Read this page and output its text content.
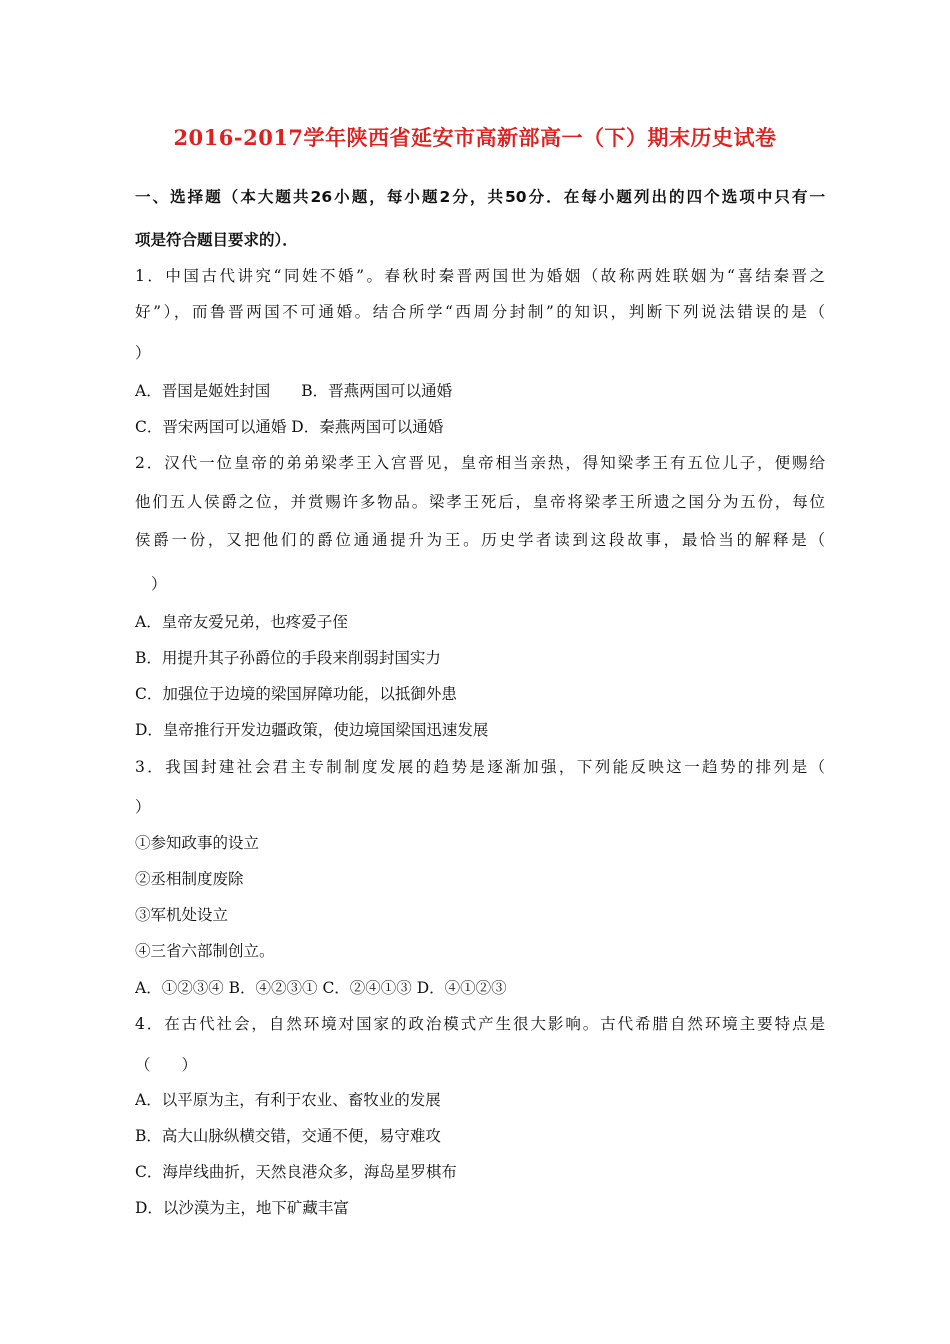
2016-2017学年陕西省延安市高新部高一（下）期末历史试卷
一、选择题（本大题共26小题，每小题2分，共50分．在每小题列出的四个选项中只有一
项是符合题目要求的）．
1．中国古代讲究“同姓不婚”。春秋时秦晋两国世为婚姻（故称两姓联姻为“喜结秦晋之
好”），而鲁晋两国不可通婚。结合所学“西周分封制”的知识，判断下列说法错误的是（
）
A．晋国是姬姓封国　　B．晋燕两国可以通婚
C．晋宋两国可以通婚 D．秦燕两国可以通婚
2．汉代一位皇帝的弟弟梁孝王入宫晋见，皇帝相当亲热，得知梁孝王有五位儿子，便赐给
他们五人侯爵之位，并赏赐许多物品。梁孝王死后，皇帝将梁孝王所遗之国分为五份，每位
侯爵一份，又把他们的爵位通通提升为王。历史学者读到这段故事，最恰当的解释是（
）
A．皇帝友爱兄弟，也疼爱子侄
B．用提升其子孙爵位的手段来削弱封国实力
C．加强位于边境的梁国屏障功能，以抵御外患
D．皇帝推行开发边疆政策，使边境国梁国迅速发展
3．我国封建社会君主专制制度发展的趋势是逐渐加强，下列能反映这一趋势的排列是（
）
①参知政事的设立
②丞相制度废除
③军机处设立
④三省六部制创立。
A．①②③④ B．④②③① C．②④①③ D．④①②③
4．在古代社会，自然环境对国家的政治模式产生很大影响。古代希腊自然环境主要特点是
（　　）
A．以平原为主，有利于农业、畜牧业的发展
B．高大山脉纵横交错，交通不便，易守难攻
C．海岸线曲折，天然良港众多，海岛星罗棋布
D．以沙漠为主，地下矿藏丰富
